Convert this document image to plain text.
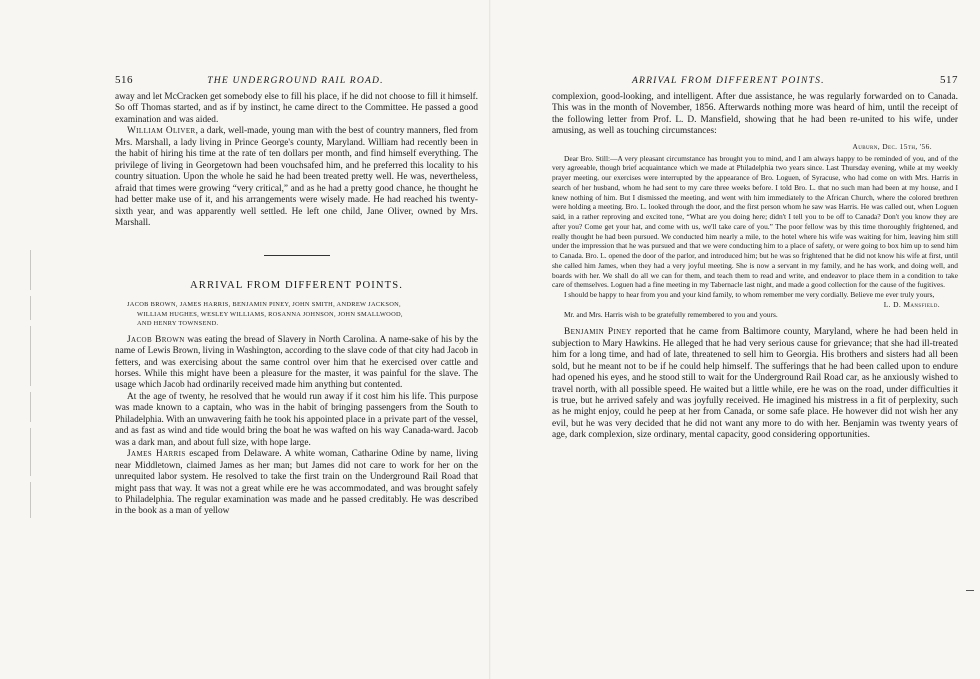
516	THE UNDERGROUND RAIL ROAD.

away and let McCracken get somebody else to fill his place, if he did not choose to fill it himself. So off Thomas started, and as if by instinct, he came direct to the Committee. He passed a good examination and was aided.

William Oliver, a dark, well-made, young man with the best of country manners, fled from Mrs. Marshall, a lady living in Prince George's county, Maryland. William had recently been in the habit of hiring his time at the rate of ten dollars per month, and find himself everything. The privilege of living in Georgetown had been vouchsafed him, and he preferred this locality to his country situation. Upon the whole he said he had been treated pretty well. He was, nevertheless, afraid that times were growing “very critical,” and as he had a pretty good chance, he thought he had better make use of it, and his arrangements were wisely made. He had reached his twenty-sixth year, and was apparently well settled. He left one child, Jane Oliver, owned by Mrs. Marshall.

ARRIVAL FROM DIFFERENT POINTS.

JACOB BROWN, JAMES HARRIS, BENJAMIN PINEY, JOHN SMITH, ANDREW JACKSON,
WILLIAM HUGHES, WESLEY WILLIAMS, ROSANNA JOHNSON, JOHN SMALLWOOD,
AND HENRY TOWNSEND.

Jacob Brown was eating the bread of Slavery in North Carolina. A name-sake of his by the name of Lewis Brown, living in Washington, according to the slave code of that city had Jacob in fetters, and was exercising about the same control over him that he exercised over cattle and horses. While this might have been a pleasure for the master, it was painful for the slave. The usage which Jacob had ordinarily received made him anything but contented.

At the age of twenty, he resolved that he would run away if it cost him his life. This purpose was made known to a captain, who was in the habit of bringing passengers from the South to Philadelphia. With an unwavering faith he took his appointed place in a private part of the vessel, and as fast as wind and tide would bring the boat he was wafted on his way Canada-ward. Jacob was a dark man, and about full size, with hope large.

James Harris escaped from Delaware. A white woman, Catharine Odine by name, living near Middletown, claimed James as her man; but James did not care to work for her on the unrequited labor system. He resolved to take the first train on the Underground Rail Road that might pass that way. It was not a great while ere he was accommodated, and was brought safely to Philadelphia. The regular examination was made and he passed creditably. He was described in the book as a man of yellow

ARRIVAL FROM DIFFERENT POINTS.	517

complexion, good-looking, and intelligent. After due assistance, he was regularly forwarded on to Canada. This was in the month of November, 1856. Afterwards nothing more was heard of him, until the receipt of the following letter from Prof. L. D. Mansfield, showing that he had been re-united to his wife, under amusing, as well as touching circumstances:

Auburn, Dec. 15th, '56.

Dear Bro. Still:—A very pleasant circumstance has brought you to mind, and I am always happy to be reminded of you, and of the very agreeable, though brief acquaintance which we made at Philadelphia two years since. Last Thursday evening, while at my weekly prayer meeting, our exercises were interrupted by the appearance of Bro. Loguen, of Syracuse, who had come on with Mrs. Harris in search of her husband, whom he had sent to my care three weeks before. I told Bro. L. that no such man had been at my house, and I knew nothing of him. But I dismissed the meeting, and went with him immediately to the African Church, where the colored brethren were holding a meeting. Bro. L. looked through the door, and the first person whom he saw was Harris. He was called out, when Loguen said, in a rather reproving and excited tone, “What are you doing here; didn't I tell you to be off to Canada? Don't you know they are after you? Come get your hat, and come with us, we'll take care of you.” The poor fellow was by this time thoroughly frightened, and really thought he had been pursued. We conducted him nearly a mile, to the hotel where his wife was waiting for him, leaving him still under the impression that he was pursued and that we were conducting him to a place of safety, or were going to box him up to send him to Canada. Bro. L. opened the door of the parlor, and introduced him; but he was so frightened that he did not know his wife at first, until she called him James, when they had a very joyful meeting. She is now a servant in my family, and he has work, and doing well, and boards with her. We shall do all we can for them, and teach them to read and write, and endeavor to place them in a condition to take care of themselves. Loguen had a fine meeting in my Tabernacle last night, and made a good collection for the cause of the fugitives.

I should be happy to hear from you and your kind family, to whom remember me very cordially. Believe me ever truly yours,

L. D. Mansfield.

Mr. and Mrs. Harris wish to be gratefully remembered to you and yours.

Benjamin Piney reported that he came from Baltimore county, Maryland, where he had been held in subjection to Mary Hawkins. He alleged that he had very serious cause for grievance; that she had ill-treated him for a long time, and had of late, threatened to sell him to Georgia. His brothers and sisters had all been sold, but he meant not to be if he could help himself. The sufferings that he had been called upon to endure had opened his eyes, and he stood still to wait for the Underground Rail Road car, as he anxiously wished to travel north, with all possible speed. He waited but a little while, ere he was on the road, under difficulties it is true, but he arrived safely and was joyfully received. He imagined his mistress in a fit of perplexity, such as he might enjoy, could he peep at her from Canada, or some safe place. He however did not wish her any evil, but he was very decided that he did not want any more to do with her. Benjamin was twenty years of age, dark complexion, size ordinary, mental capacity, good considering opportunities.
